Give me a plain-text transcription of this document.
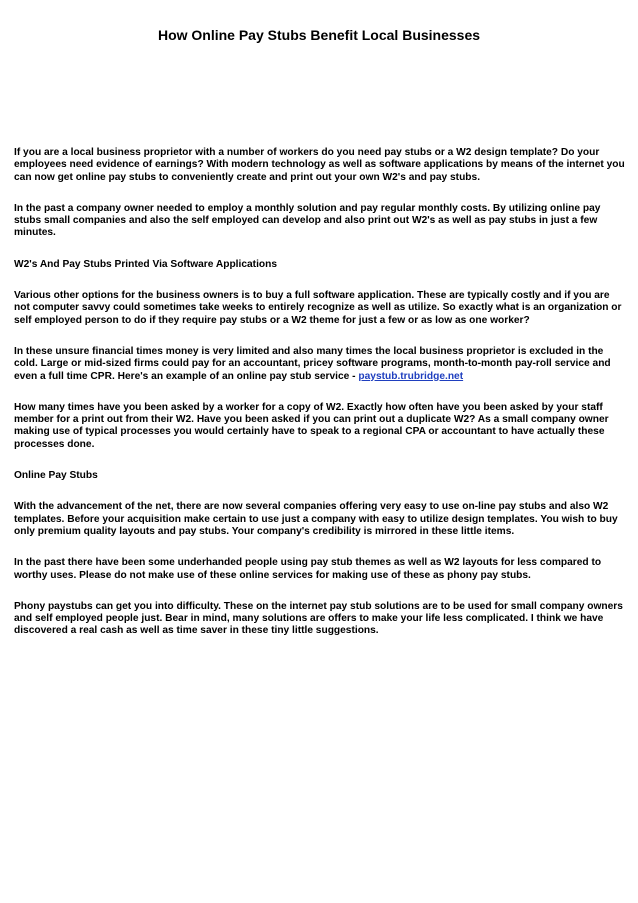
How Online Pay Stubs Benefit Local Businesses

If you are a local business proprietor with a number of workers do you need pay stubs or a W2 design template? Do your employees need evidence of earnings? With modern technology as well as software applications by means of the internet you can now get online pay stubs to conveniently create and print out your own W2's and pay stubs.

In the past a company owner needed to employ a monthly solution and pay regular monthly costs. By utilizing online pay stubs small companies and also the self employed can develop and also print out W2's as well as pay stubs in just a few minutes.

W2's And Pay Stubs Printed Via Software Applications

Various other options for the business owners is to buy a full software application. These are typically costly and if you are not computer savvy could sometimes take weeks to entirely recognize as well as utilize. So exactly what is an organization or self employed person to do if they require pay stubs or a W2 theme for just a few or as low as one worker?

In these unsure financial times money is very limited and also many times the local business proprietor is excluded in the cold. Large or mid-sized firms could pay for an accountant, pricey software programs, month-to-month pay-roll service and even a full time CPR. Here's an example of an online pay stub service - paystub.trubridge.net

How many times have you been asked by a worker for a copy of W2. Exactly how often have you been asked by your staff member for a print out from their W2. Have you been asked if you can print out a duplicate W2? As a small company owner making use of typical processes you would certainly have to speak to a regional CPA or accountant to have actually these processes done.

Online Pay Stubs

With the advancement of the net, there are now several companies offering very easy to use on-line pay stubs and also W2 templates. Before your acquisition make certain to use just a company with easy to utilize design templates. You wish to buy only premium quality layouts and pay stubs. Your company's credibility is mirrored in these little items.

In the past there have been some underhanded people using pay stub themes as well as W2 layouts for less compared to worthy uses. Please do not make use of these online services for making use of these as phony pay stubs.

Phony paystubs can get you into difficulty. These on the internet pay stub solutions are to be used for small company owners and self employed people just. Bear in mind, many solutions are offers to make your life less complicated. I think we have discovered a real cash as well as time saver in these tiny little suggestions.
